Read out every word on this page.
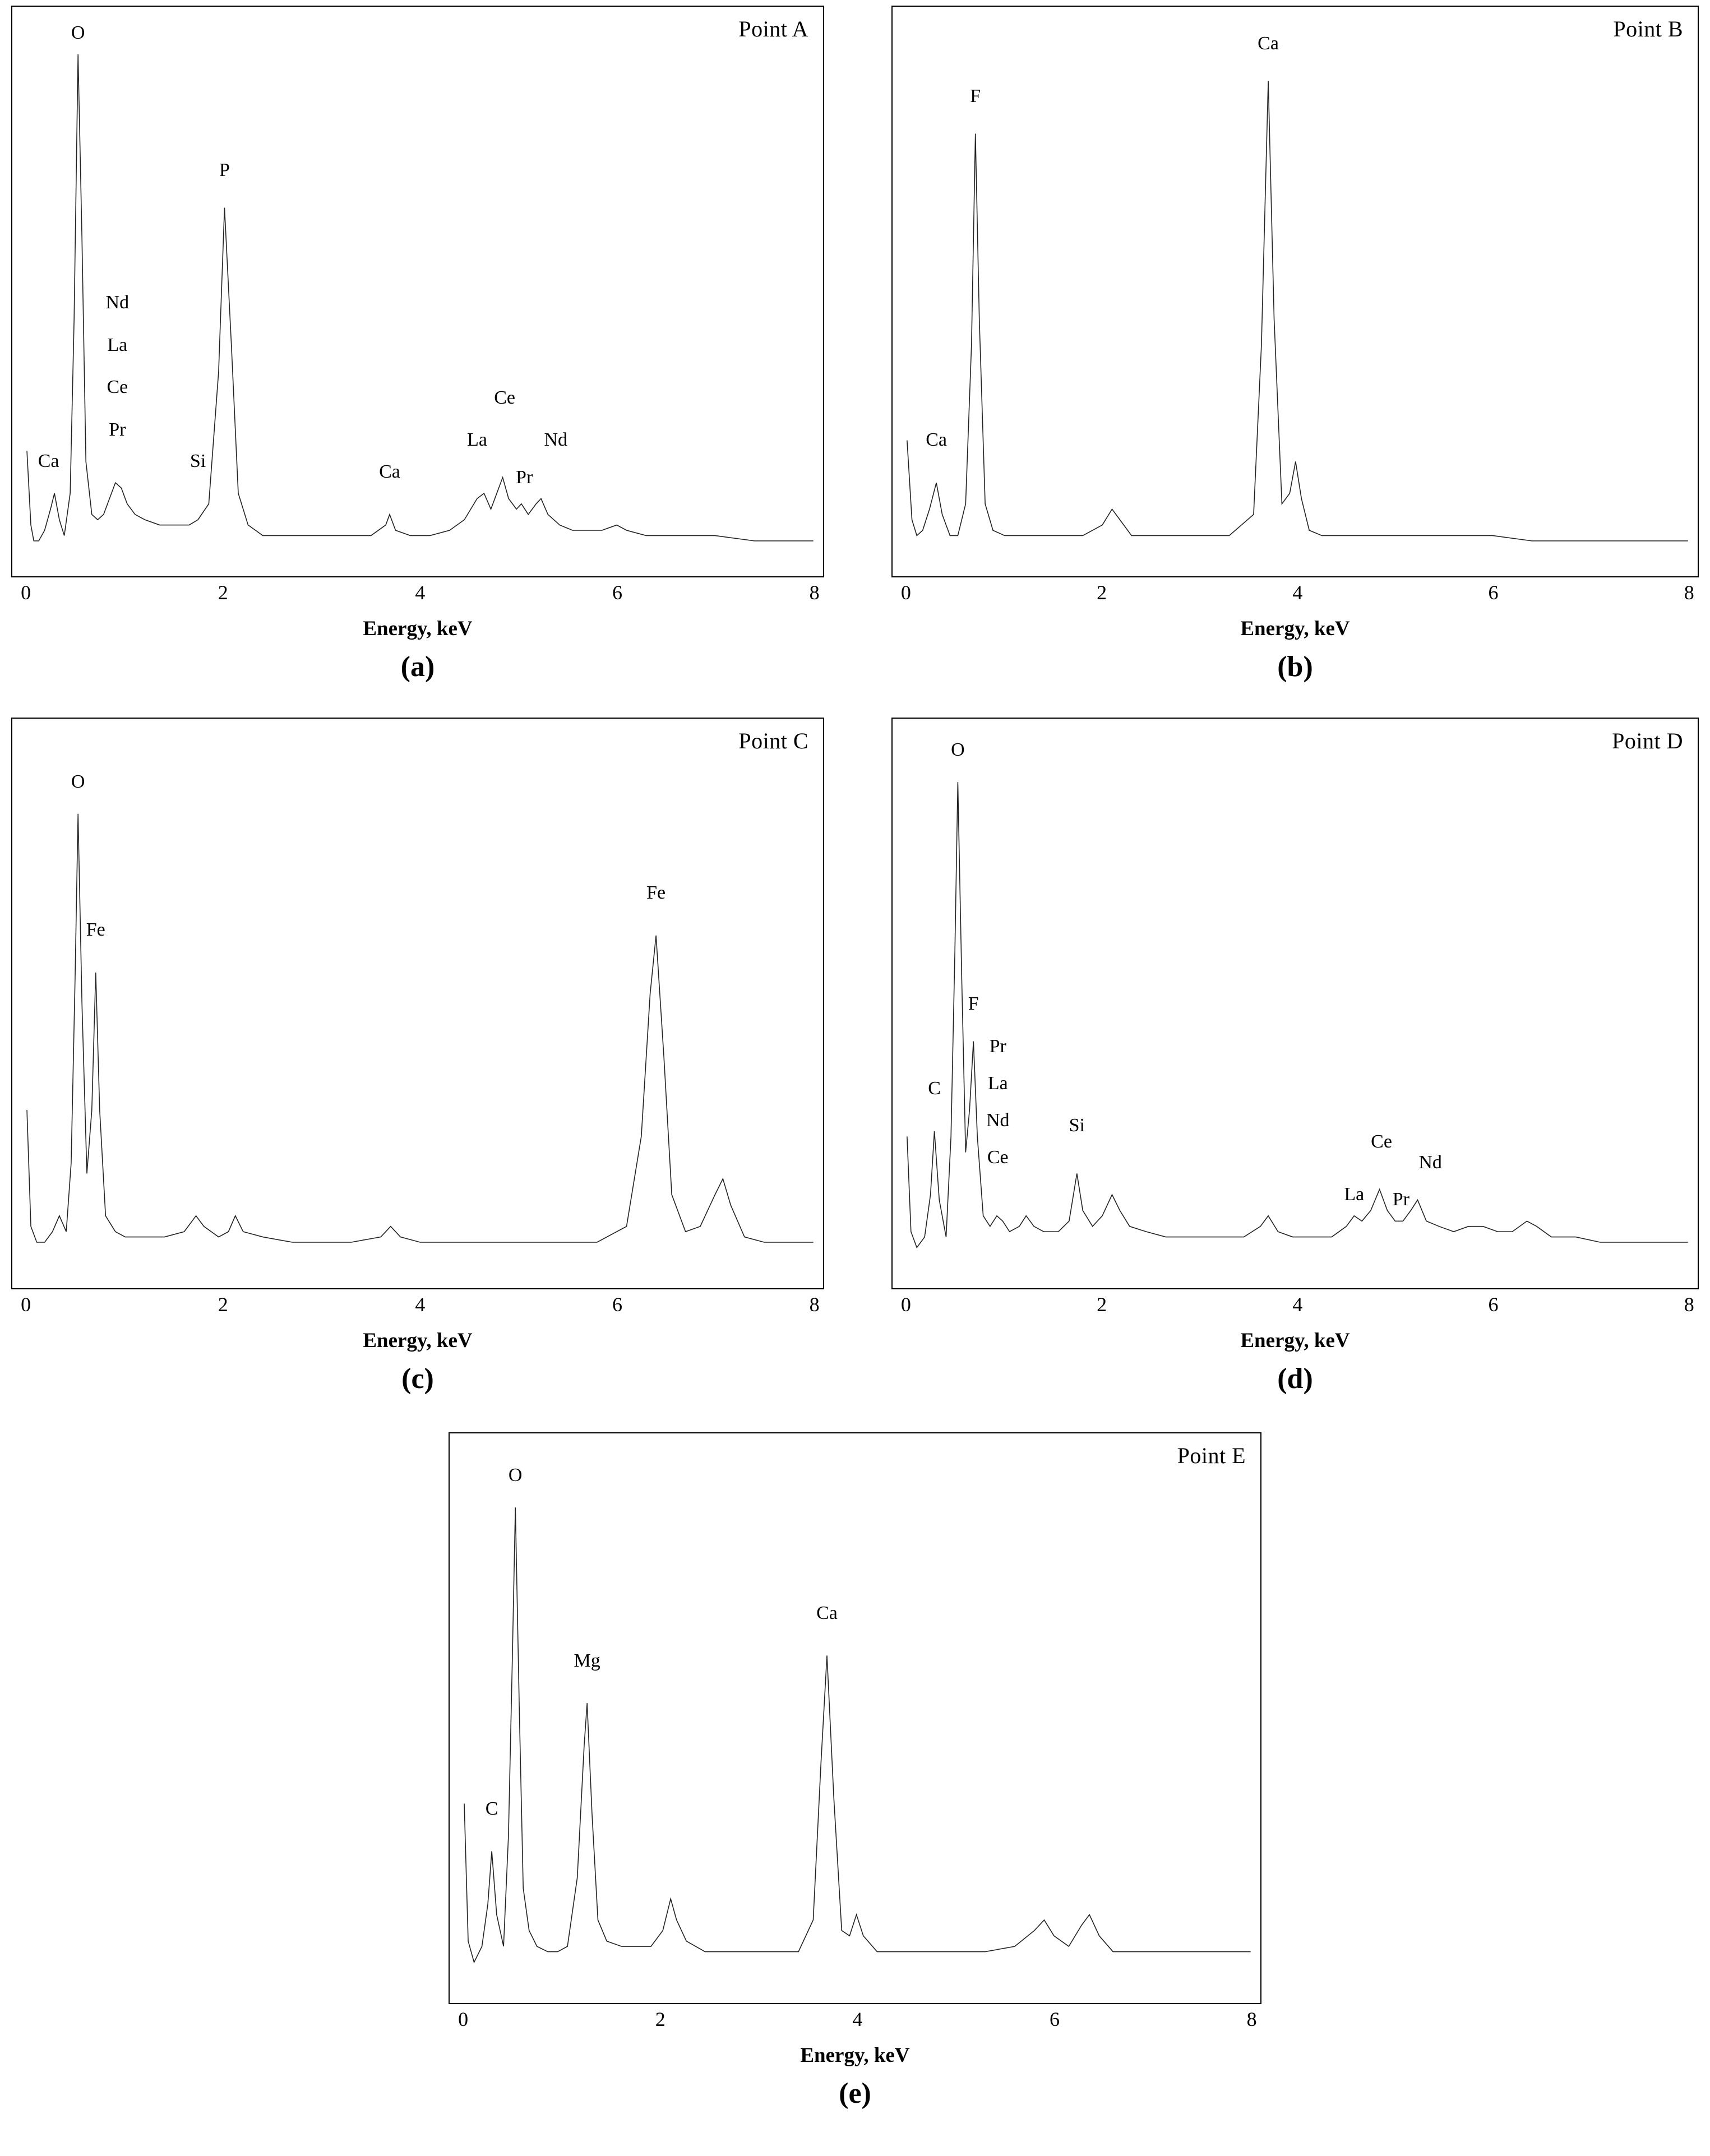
Point A
Ca
O
Nd
La
Ce
Pr
Si
P
Ca
La
Ce
Pr
Nd
0	2	4	6	8
Energy, keV
(a)
Point B
Ca
F
Ca
0	2	4	6	8
Energy, keV
(b)
Point C
O
Fe
Fe
0	2	4	6	8
Energy, keV
(c)
Point D
O
C
F
Pr
La
Nd
Ce
Si
La
Ce
Pr
Nd
0	2	4	6	8
Energy, keV
(d)
Point E
O
C
Mg
Ca
0	2	4	6	8
Energy, keV
(e)
